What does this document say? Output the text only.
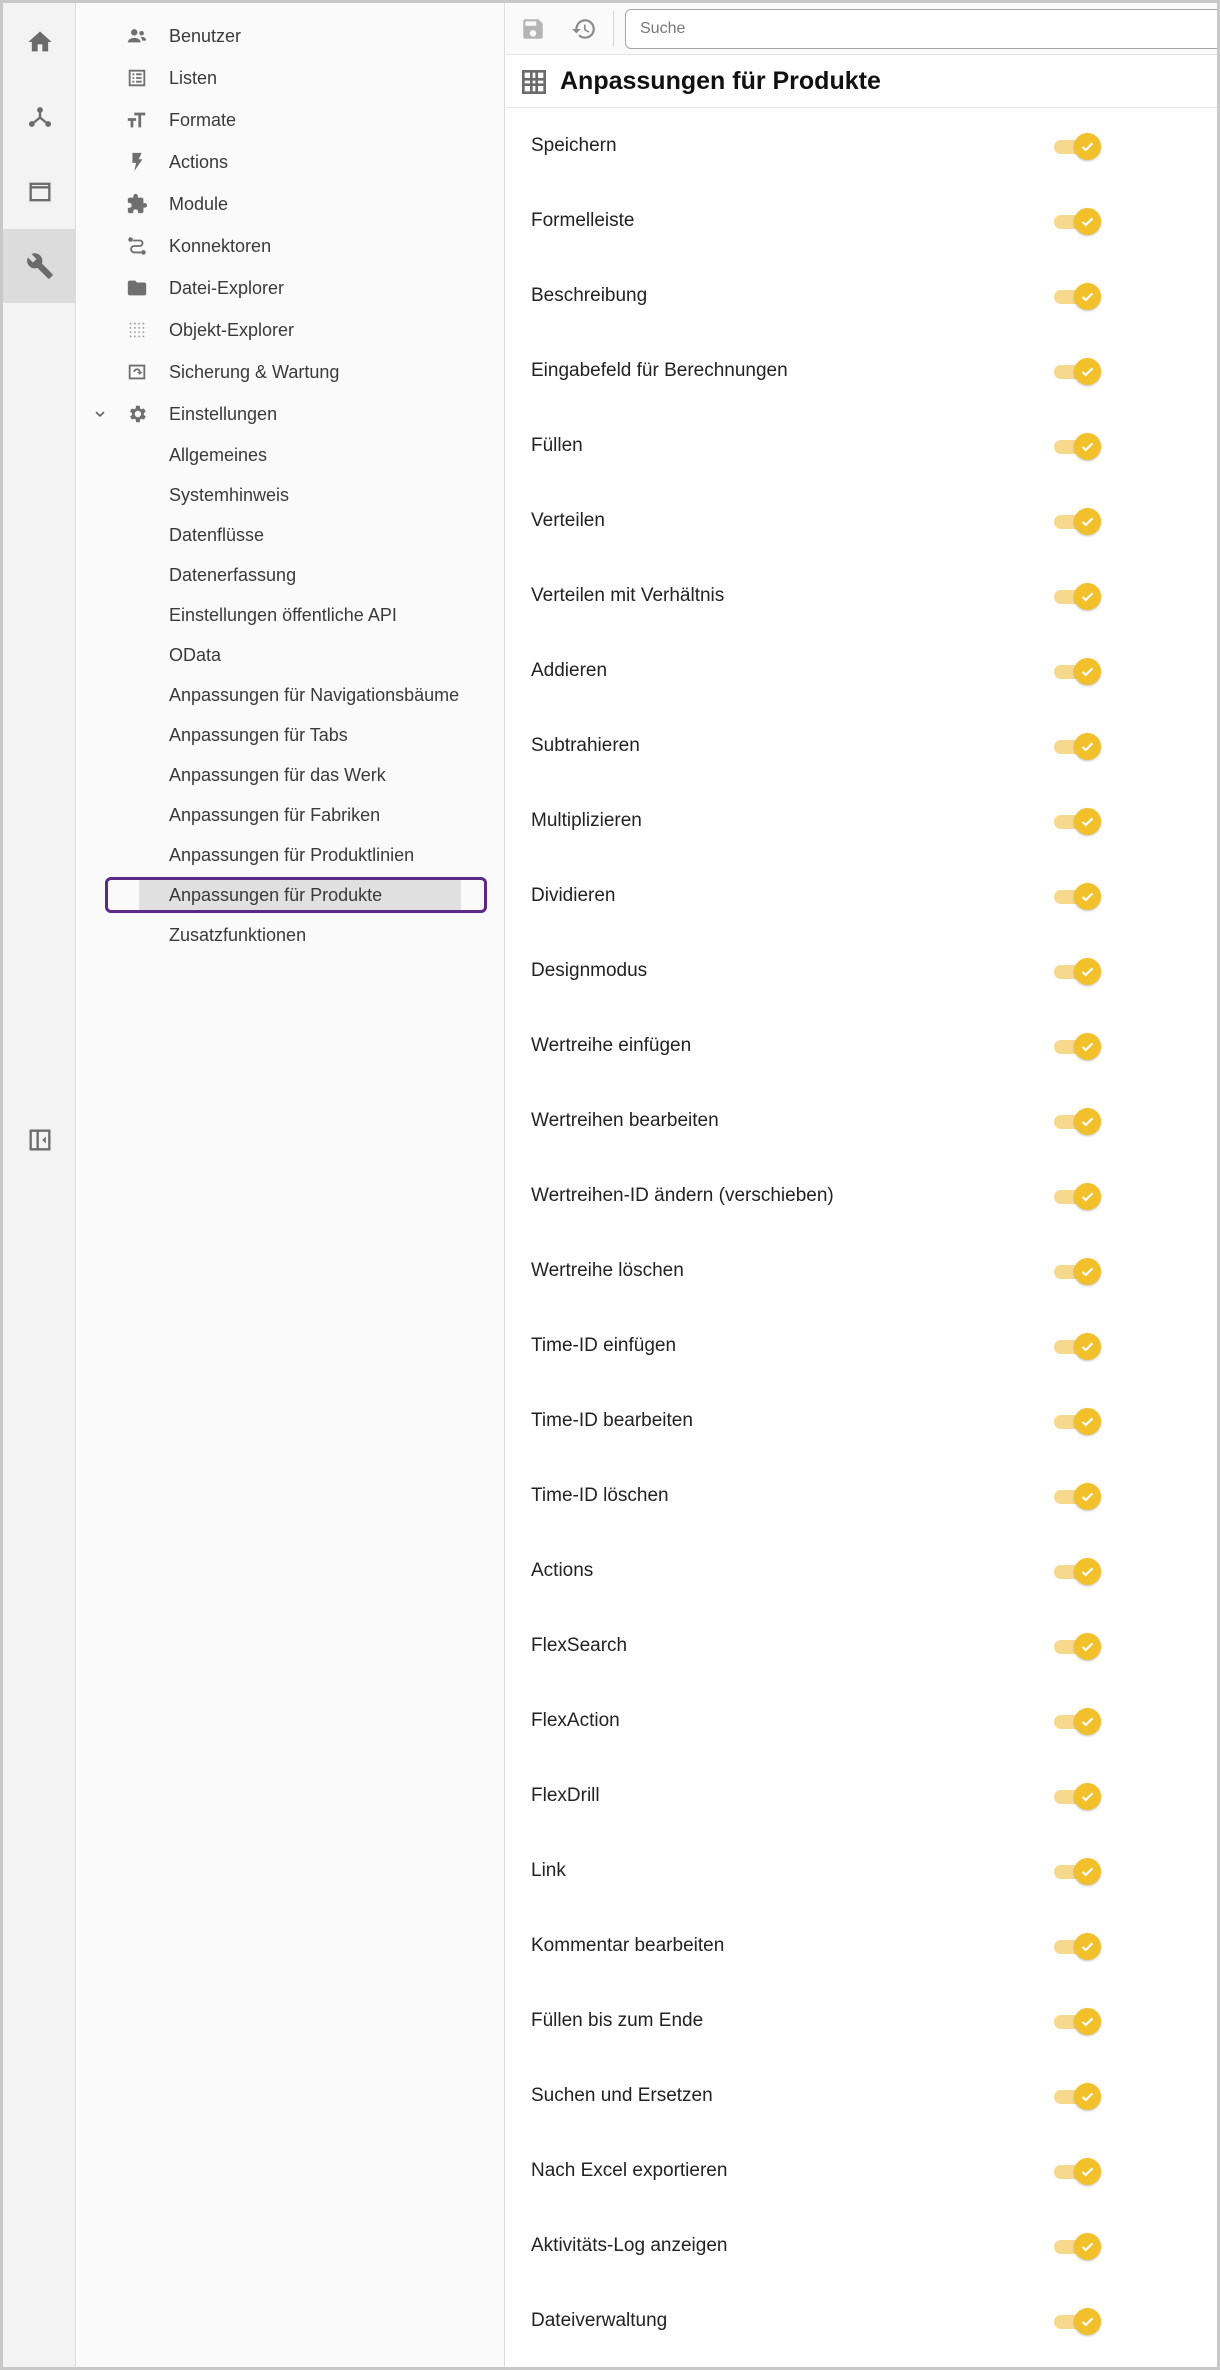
Benutzer
Listen
Formate
Actions
Module
Konnektoren
Datei-Explorer
Objekt-Explorer
Sicherung & Wartung
Einstellungen
Allgemeines
Systemhinweis
Datenflüsse
Datenerfassung
Einstellungen öffentliche API
OData
Anpassungen für Navigationsbäume
Anpassungen für Tabs
Anpassungen für das Werk
Anpassungen für Fabriken
Anpassungen für Produktlinien
Anpassungen für Produkte
Zusatzfunktionen
Suche
Anpassungen für Produkte
Speichern
Formelleiste
Beschreibung
Eingabefeld für Berechnungen
Füllen
Verteilen
Verteilen mit Verhältnis
Addieren
Subtrahieren
Multiplizieren
Dividieren
Designmodus
Wertreihe einfügen
Wertreihen bearbeiten
Wertreihen-ID ändern (verschieben)
Wertreihe löschen
Time-ID einfügen
Time-ID bearbeiten
Time-ID löschen
Actions
FlexSearch
FlexAction
FlexDrill
Link
Kommentar bearbeiten
Füllen bis zum Ende
Suchen und Ersetzen
Nach Excel exportieren
Aktivitäts-Log anzeigen
Dateiverwaltung
